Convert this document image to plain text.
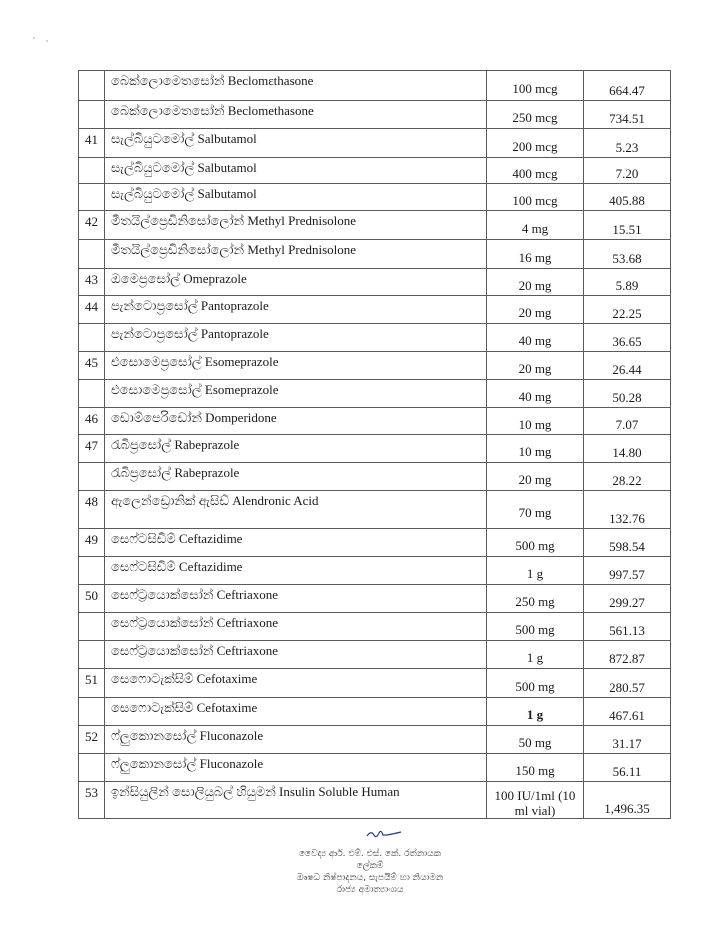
	බෙක්ලොමෙතසෝන් Beclomεthasone	100 mcg	664.47
	බෙක්ලොමෙතසෝන් Beclomethasone	250 mcg	734.51
41	සැල්බියුටමෝල් Salbutamol	200 mcg	5.23
	සැල්බියුටමෝල් Salbutamol	400 mcg	7.20
	සැල්බියුටමෝල් Salbutamol	100 mcg	405.88
42	මීතයිල්ප්‍රෙඩිනිසෝලෝන් Methyl Prednisolone	4 mg	15.51
	මීතයිල්ප්‍රෙඩිනිසෝලෝන් Methyl Prednisolone	16 mg	53.68
43	ඔමෙප්‍රසෝල් Omeprazole	20 mg	5.89
44	පැන්ටොප්‍රසෝල් Pantoprazole	20 mg	22.25
	පැන්ටොප්‍රසෝල් Pantoprazole	40 mg	36.65
45	එසොමෙප්‍රසෝල් Esomeprazole	20 mg	26.44
	එසොමෙප්‍රසෝල් Esomeprazole	40 mg	50.28
46	ඩොම්පෙරිඩෝන් Domperidone	10 mg	7.07
47	රැබිප්‍රසෝල් Rabeprazole	10 mg	14.80
	රැබිප්‍රසෝල් Rabeprazole	20 mg	28.22
48	ඇලෙන්ඩ්‍රොනික් ඇසිඩ් Alendronic Acid	70 mg	132.76
49	සෙෆ්ටසිඩිම් Ceftazidime	500 mg	598.54
	සෙෆ්ටසිඩිම් Ceftazidime	1 g	997.57
50	සෙෆ්ට්‍රයොක්සෝන් Ceftriaxone	250 mg	299.27
	සෙෆ්ට්‍රයොක්සෝන් Ceftriaxone	500 mg	561.13
	සෙෆ්ට්‍රයොක්සෝන් Ceftriaxone	1 g	872.87
51	සෙෆොටැක්සිම් Cefotaxime	500 mg	280.57
	සෙෆොටැක්සිම් Cefotaxime	1 g	467.61
52	ෆ්ලුකොනසෝල් Fluconazole	50 mg	31.17
	ෆ්ලුකොනසෝල් Fluconazole	150 mg	56.11
53	ඉන්සියුලින් සොලියුබල් හියුමන් Insulin Soluble Human	100 IU/1ml (10 ml vial)	1,496.35
වෛද්‍ය ආර්. එම්. එස්. කේ. රත්නායක
ලේකම්
ඖෂධ නිෂ්පාදනය, සැපයීම් හා නියාමන
රාජ්‍ය අමාත්‍යාංශය
